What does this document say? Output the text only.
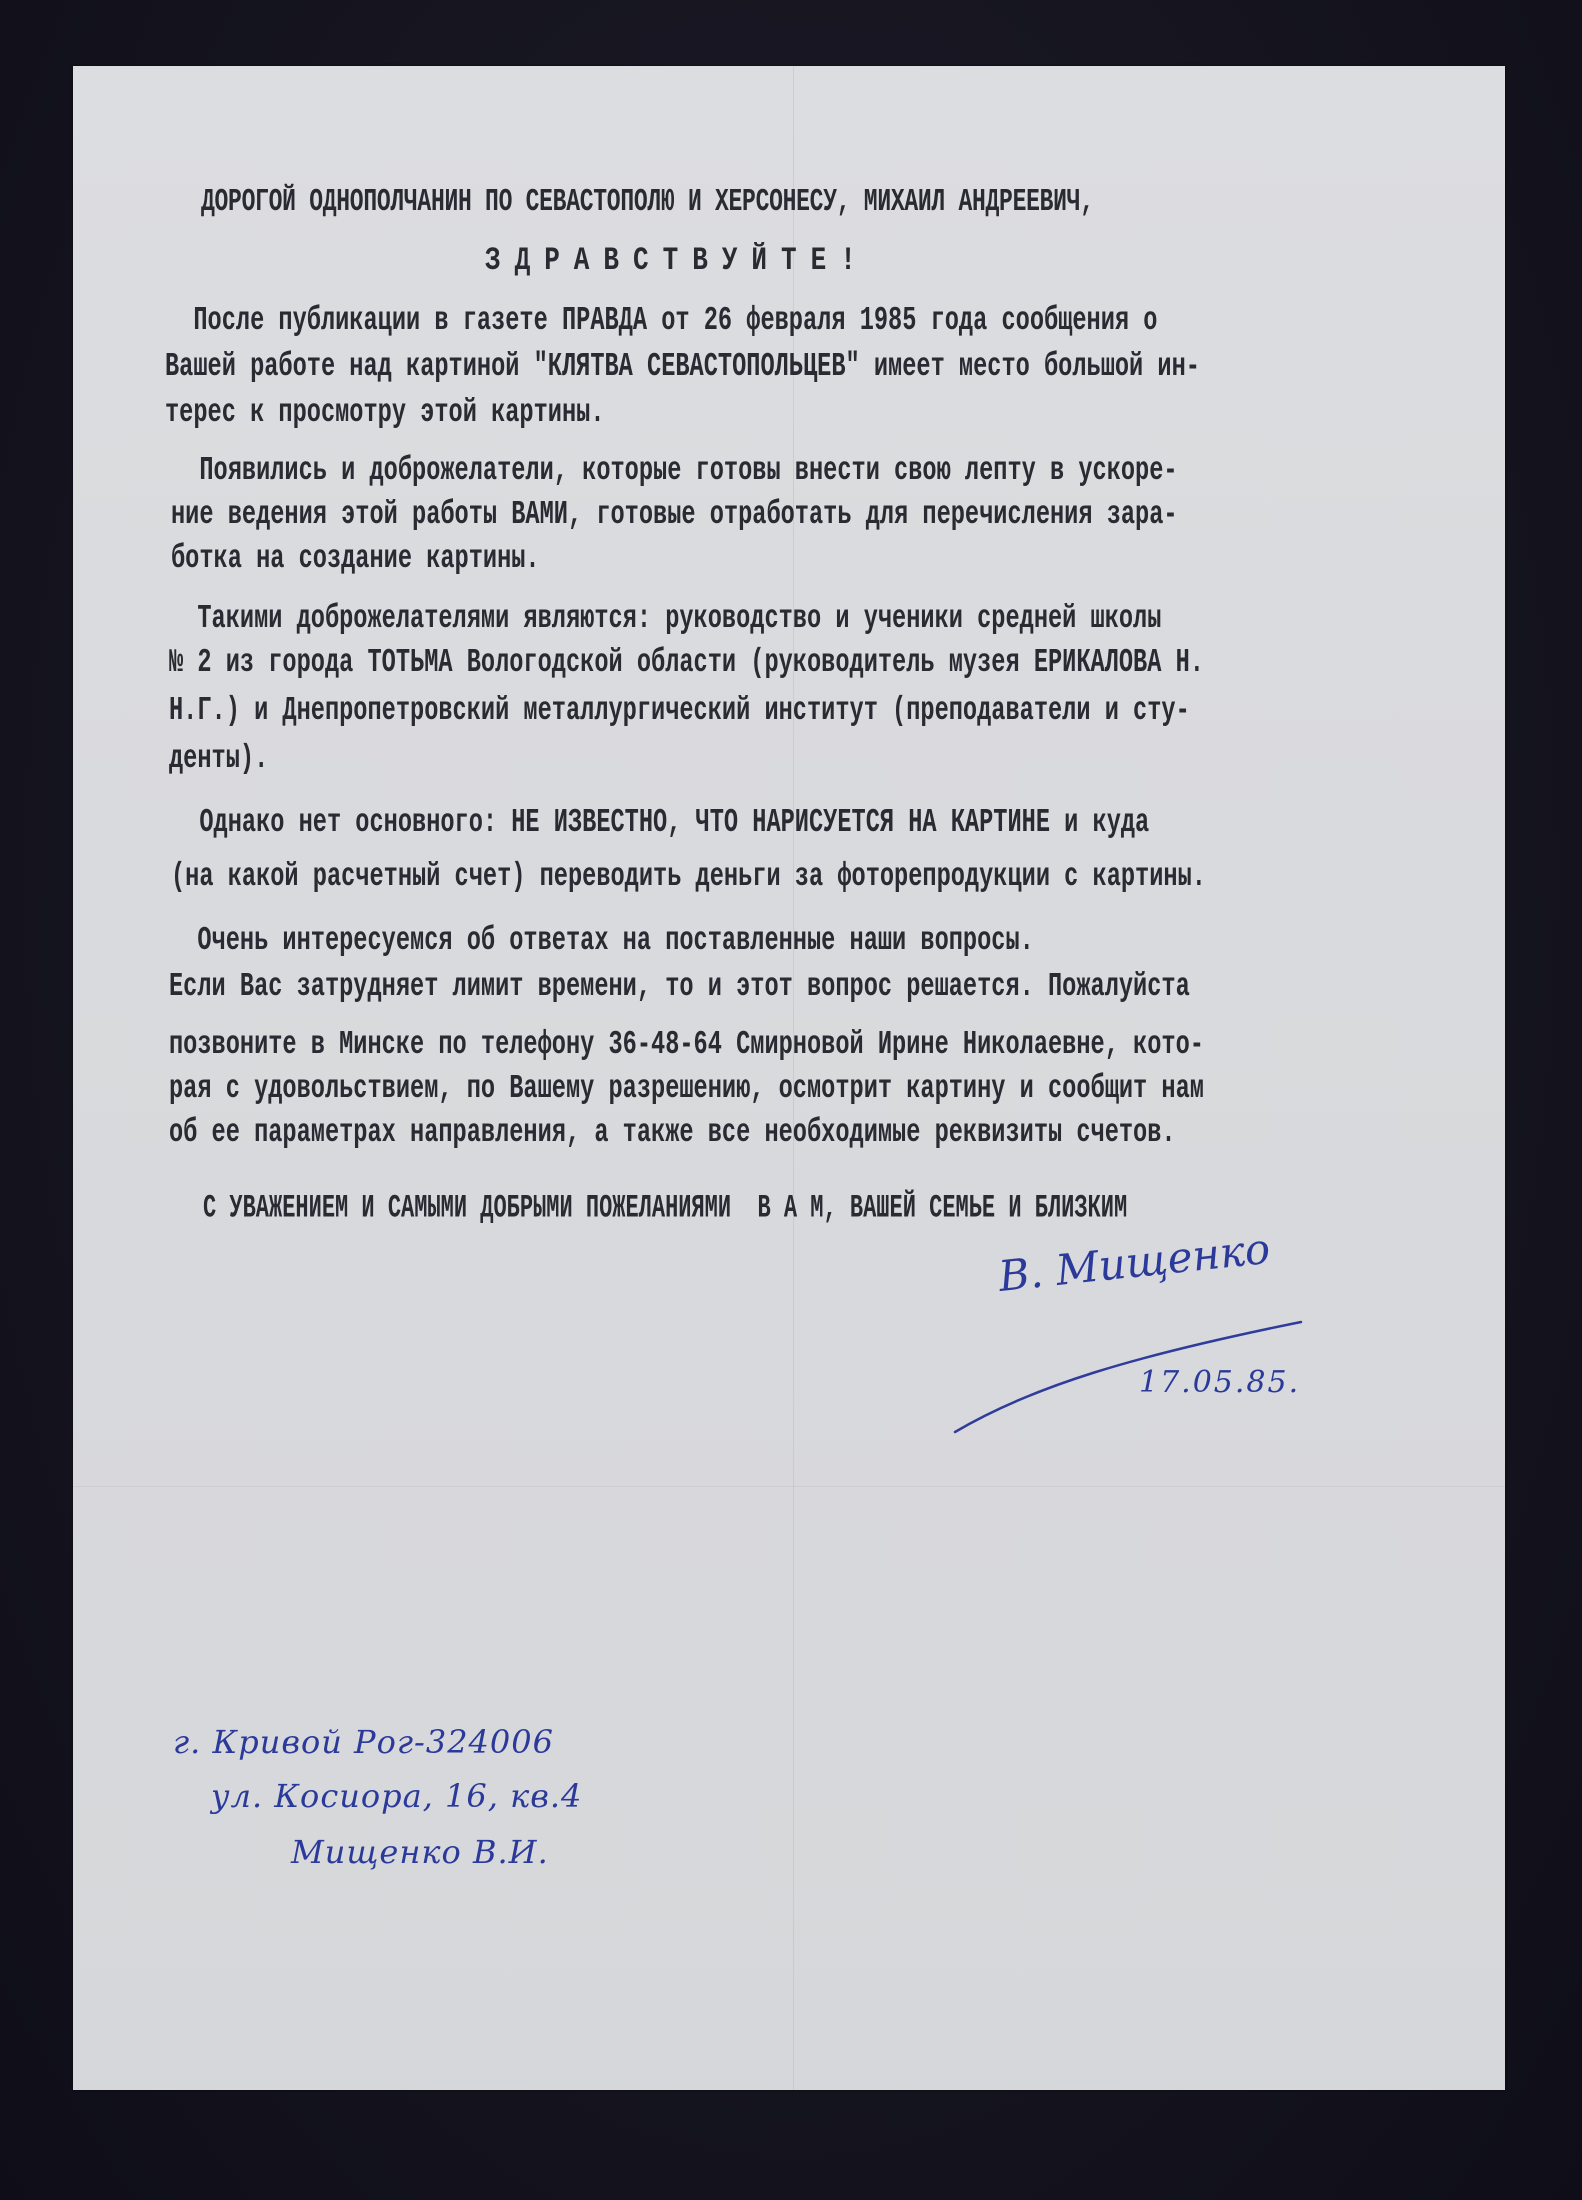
ДОРОГОЙ ОДНОПОЛЧАНИН ПО СЕВАСТОПОЛЮ И ХЕРСОНЕСУ, МИХАИЛ АНДРЕЕВИЧ,
ЗДРАВСТВУЙТЕ!
После публикации в газете ПРАВДА от 26 февраля 1985 года сообщения о
Вашей работе над картиной "КЛЯТВА СЕВАСТОПОЛЬЦЕВ" имеет место большой ин-
терес к просмотру этой картины.
Появились и доброжелатели, которые готовы внести свою лепту в ускоре-
ние ведения этой работы ВАМИ, готовые отработать для перечисления зара-
ботка на создание картины.
Такими доброжелателями являются: руководство и ученики средней школы
№ 2 из города ТОТЬМА Вологодской области (руководитель музея ЕРИКАЛОВА Н.
Н.Г.) и Днепропетровский металлургический институт (преподаватели и сту-
денты).
Однако нет основного: НЕ ИЗВЕСТНО, ЧТО НАРИСУЕТСЯ НА КАРТИНЕ и куда
(на какой расчетный счет) переводить деньги за фоторепродукции с картины.
Очень интересуемся об ответах на поставленные наши вопросы.
Если Вас затрудняет лимит времени, то и этот вопрос решается. Пожалуйста
позвоните в Минске по телефону 36-48-64 Смирновой Ирине Николаевне, кото-
рая с удовольствием, по Вашему разрешению, осмотрит картину и сообщит нам
об ее параметрах направления, а также все необходимые реквизиты счетов.
С УВАЖЕНИЕМ И САМЫМИ ДОБРЫМИ ПОЖЕЛАНИЯМИ  В А М, ВАШЕЙ СЕМЬЕ И БЛИЗКИМ
В. Мищенко
17.05.85.
г. Кривой Рог-324006
ул. Косиора, 16, кв.4
Мищенко В.И.
